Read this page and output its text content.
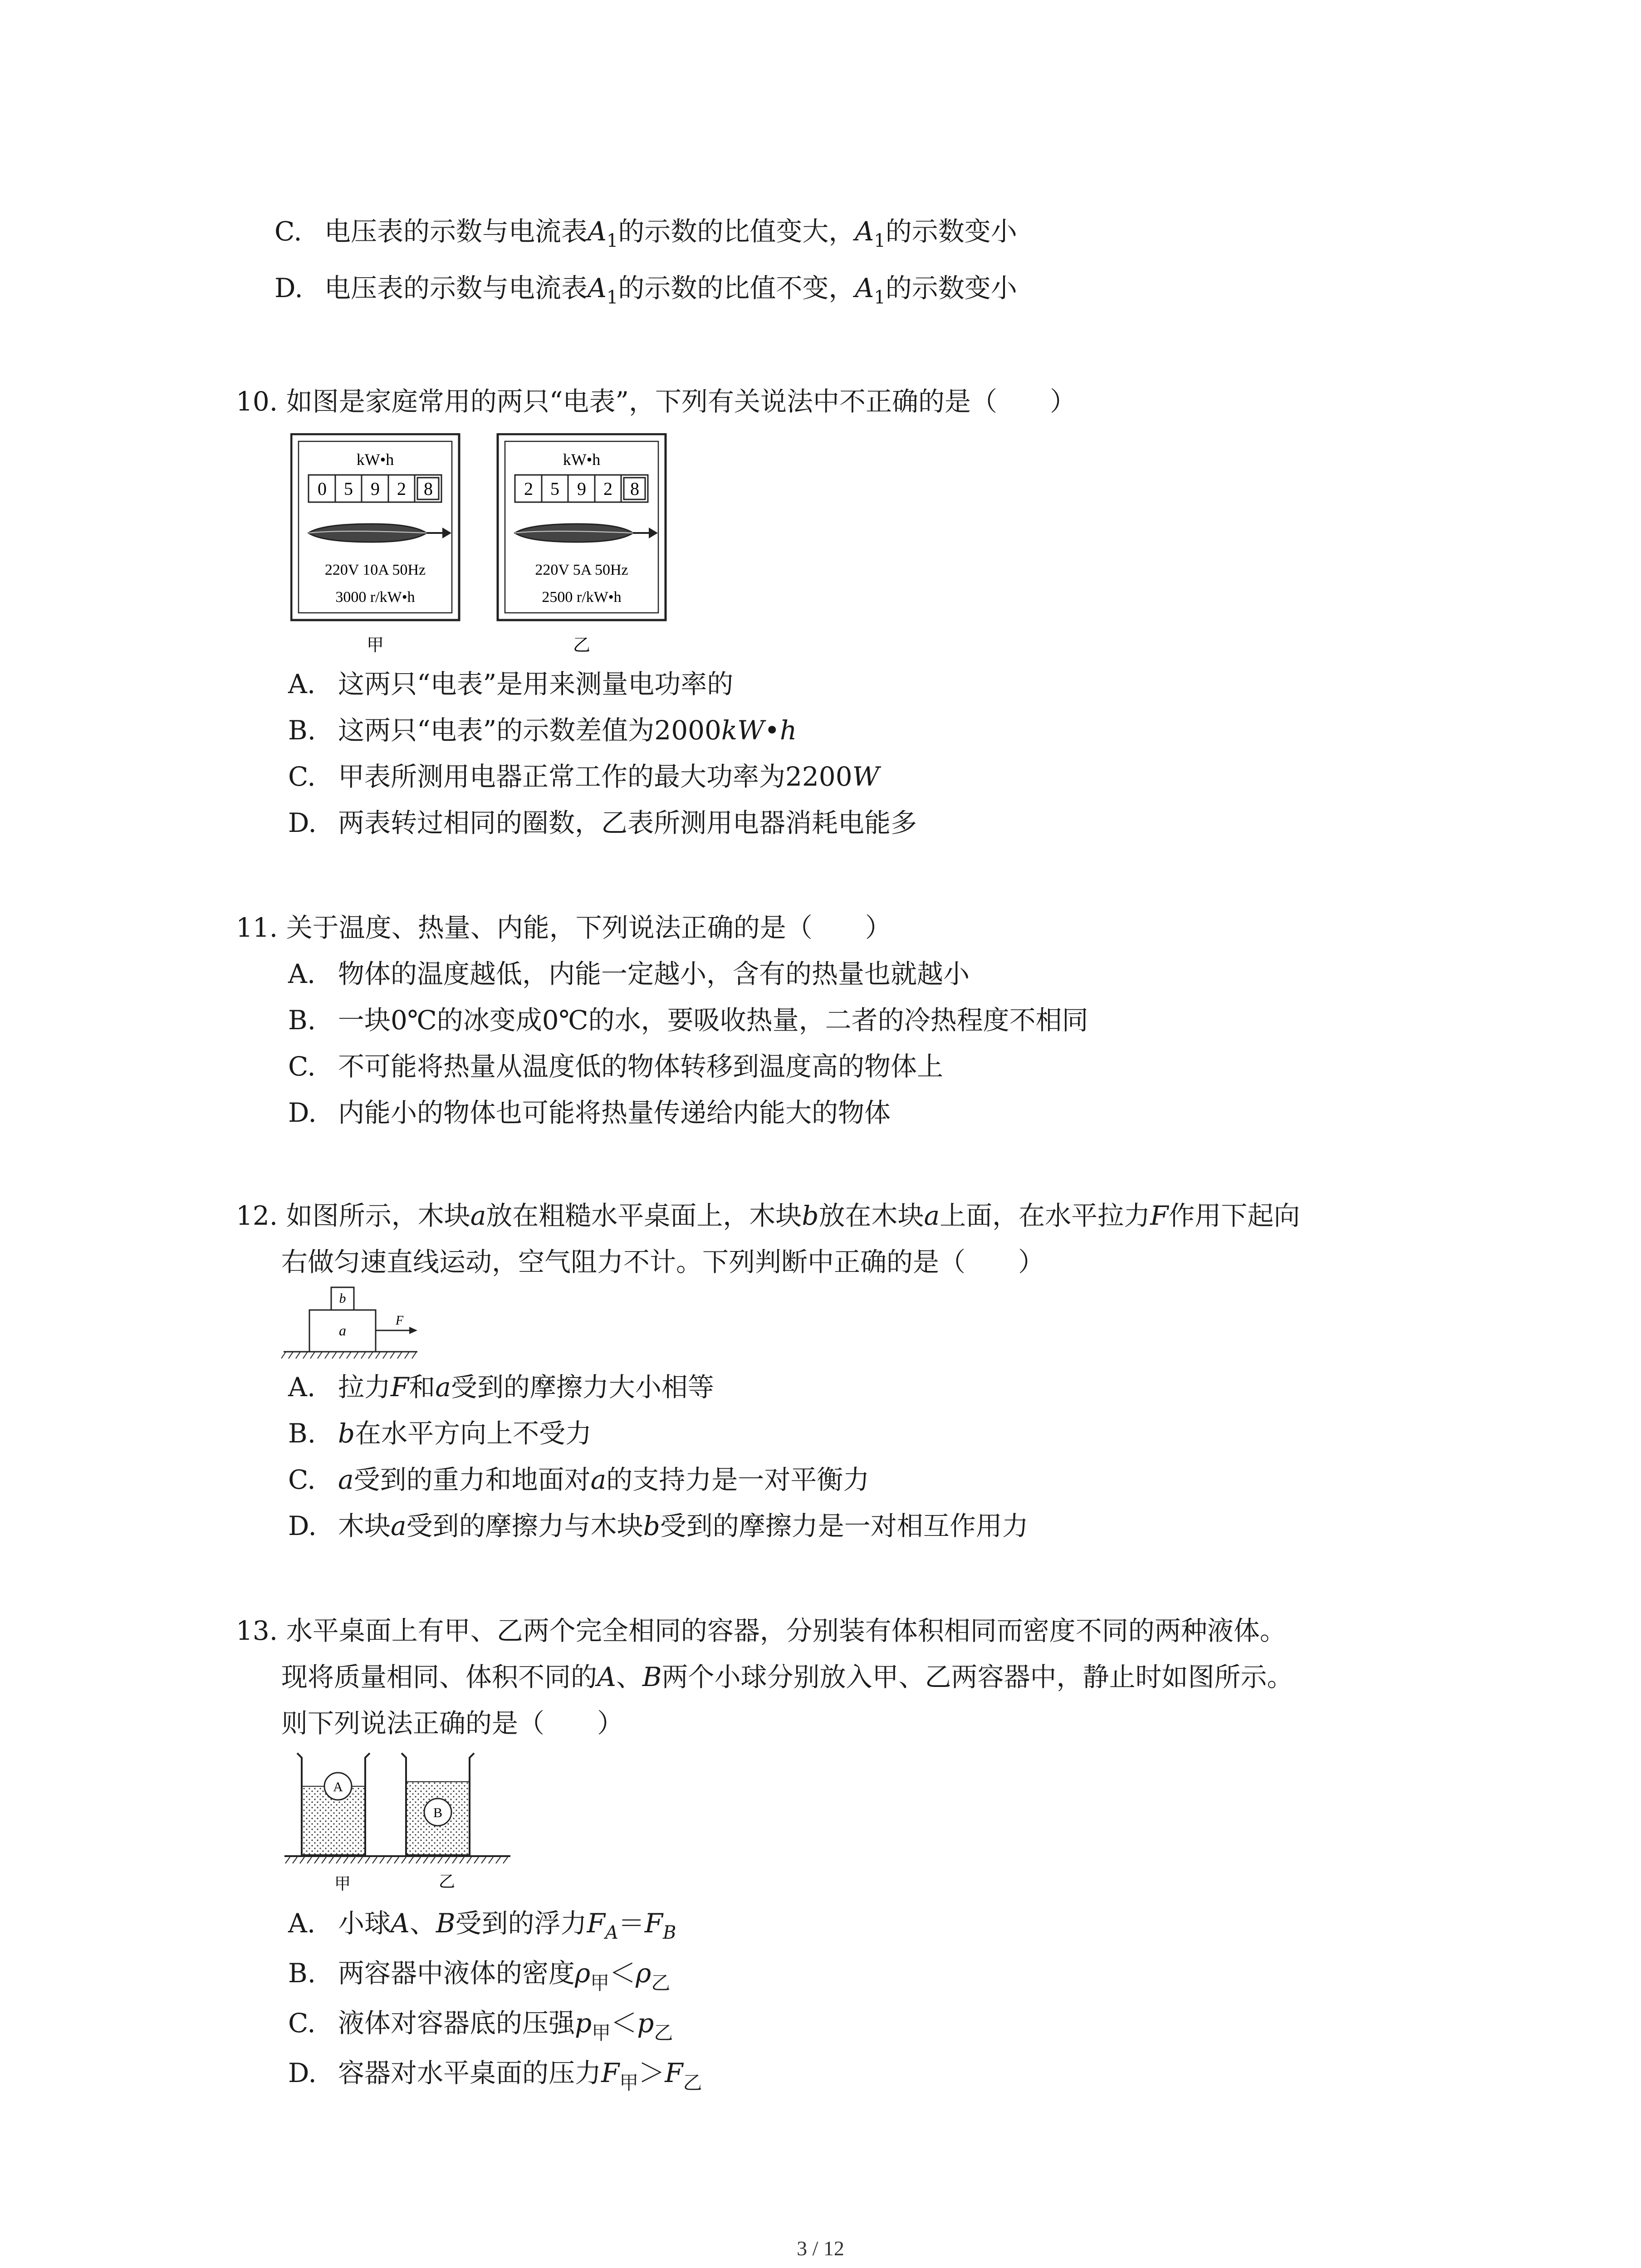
C. 电压表的示数与电流表$A_1$的示数的比值变大，$A_1$的示数变小
D. 电压表的示数与电流表$A_1$的示数的比值不变，$A_1$的示数变小
10. 如图是家庭常用的两只“电表”，下列有关说法中不正确的是（　　）
kW•h
0 5 9 2 8
220V 10A 50Hz
3000 r/kW•h
甲
kW•h
2 5 9 2 8
220V 5A 50Hz
2500 r/kW•h
乙
A. 这两只“电表”是用来测量电功率的
B. 这两只“电表”的示数差值为2000kW•h
C. 甲表所测用电器正常工作的最大功率为2200W
D. 两表转过相同的圈数，乙表所测用电器消耗电能多
11. 关于温度、热量、内能，下列说法正确的是（　　）
A. 物体的温度越低，内能一定越小，含有的热量也就越小
B. 一块0℃的冰变成0℃的水，要吸收热量，二者的冷热程度不相同
C. 不可能将热量从温度低的物体转移到温度高的物体上
D. 内能小的物体也可能将热量传递给内能大的物体
12. 如图所示，木块a放在粗糙水平桌面上，木块b放在木块a上面，在水平拉力F作用下起向
右做匀速直线运动，空气阻力不计。下列判断中正确的是（　　）
b
a
F
A. 拉力F和a受到的摩擦力大小相等
B. b在水平方向上不受力
C. a受到的重力和地面对a的支持力是一对平衡力
D. 木块a受到的摩擦力与木块b受到的摩擦力是一对相互作用力
13. 水平桌面上有甲、乙两个完全相同的容器，分别装有体积相同而密度不同的两种液体。
现将质量相同、体积不同的A、B两个小球分别放入甲、乙两容器中，静止时如图所示。
则下列说法正确的是（　　）
A
B
甲	乙
A. 小球A、B受到的浮力$F_A=F_B$
B. 两容器中液体的密度$\rho_甲<\rho_乙$
C. 液体对容器底的压强$p_甲<p_乙$
D. 容器对水平桌面的压力$F_甲>F_乙$
3 / 12
